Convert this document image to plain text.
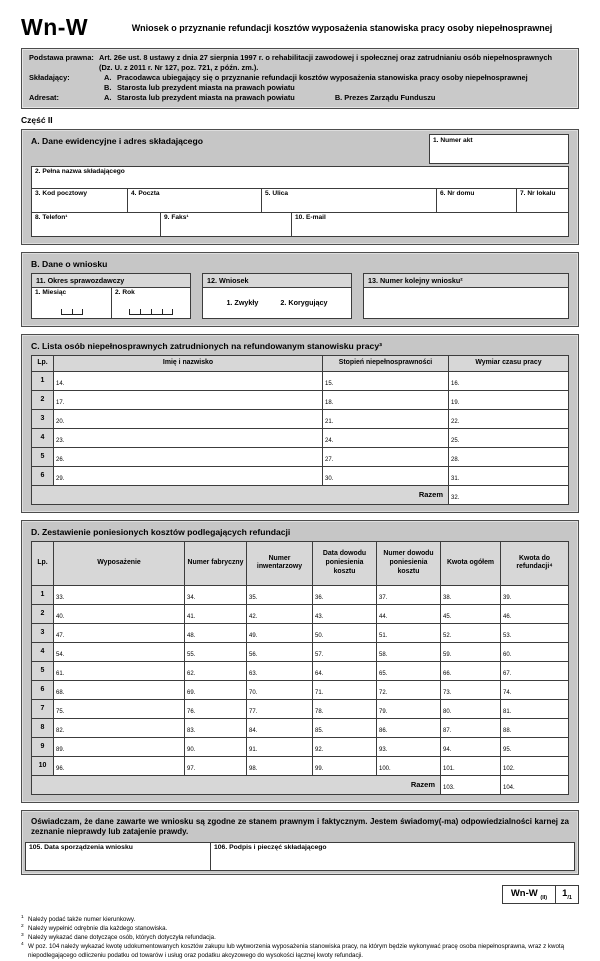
Wn-W	Wniosek o przyznanie refundacji kosztów wyposażenia stanowiska pracy osoby niepełnosprawnej
Podstawa prawna: Art. 26e ust. 8 ustawy z dnia 27 sierpnia 1997 r. o rehabilitacji zawodowej i społecznej oraz zatrudnianiu osób niepełnosprawnych
(Dz. U. z 2011 r. Nr 127, poz. 721, z późn. zm.).
Składający:	A. Pracodawca ubiegający się o przyznanie refundacji kosztów wyposażenia stanowiska pracy osoby niepełnosprawnej
B. Starosta lub prezydent miasta na prawach powiatu
Adresat:	A. Starosta lub prezydent miasta na prawach powiatu	B. Prezes Zarządu Funduszu
Część II
A. Dane ewidencyjne i adres składającego	1. Numer akt
2. Pełna nazwa składającego
3. Kod pocztowy	4. Poczta	5. Ulica	6. Nr domu	7. Nr lokalu
8. Telefon¹	9. Faks¹	10. E-mail
B. Dane o wniosku
11. Okres sprawozdawczy
1. Miesiąc	2. Rok
12. Wniosek
1. Zwykły	2. Korygujący
13. Numer kolejny wniosku²
C. Lista osób niepełnosprawnych zatrudnionych na refundowanym stanowisku pracy³
Lp.	Imię i nazwisko	Stopień niepełnosprawności	Wymiar czasu pracy
1	14.	15.	16.
2	17.	18.	19.
3	20.	21.	22.
4	23.	24.	25.
5	26.	27.	28.
6	29.	30.	31.
Razem			32.
D. Zestawienie poniesionych kosztów podlegających refundacji
Lp.	Wyposażenie	Numer fabryczny	Numer inwentarzowy	Data dowodu poniesienia kosztu	Numer dowodu poniesienia kosztu	Kwota ogółem	Kwota do refundacji⁴
1	33.	34.	35.	36.	37.	38.	39.
2	40.	41.	42.	43.	44.	45.	46.
3	47.	48.	49.	50.	51.	52.	53.
4	54.	55.	56.	57.	58.	59.	60.
5	61.	62.	63.	64.	65.	66.	67.
6	68.	69.	70.	71.	72.	73.	74.
7	75.	76.	77.	78.	79.	80.	81.
8	82.	83.	84.	85.	86.	87.	88.
9	89.	90.	91.	92.	93.	94.	95.
10	96.	97.	98.	99.	100.	101.	102.
Razem						103.	104.
Oświadczam, że dane zawarte we wniosku są zgodne ze stanem prawnym i faktycznym. Jestem świadomy(-ma) odpowiedzialności karnej za zeznanie nieprawdy lub zatajenie prawdy.
105. Data sporządzenia wniosku	106. Podpis i pieczęć składającego
Wn-W $_{(II)}$	$1_{/1}$
1 Należy podać także numer kierunkowy.
2 Należy wypełnić odrębnie dla każdego stanowiska.
3 Należy wykazać dane dotyczące osób, których dotyczyła refundacja.
4 W poz. 104 należy wykazać kwotę udokumentowanych kosztów zakupu lub wytworzenia wyposażenia stanowiska pracy, na którym będzie wykonywać pracę osoba niepełnosprawna, wraz z kwotą niepodlegającego odliczeniu podatku od towarów i usług oraz podatku akcyzowego do wysokości łącznej kwoty refundacji.
